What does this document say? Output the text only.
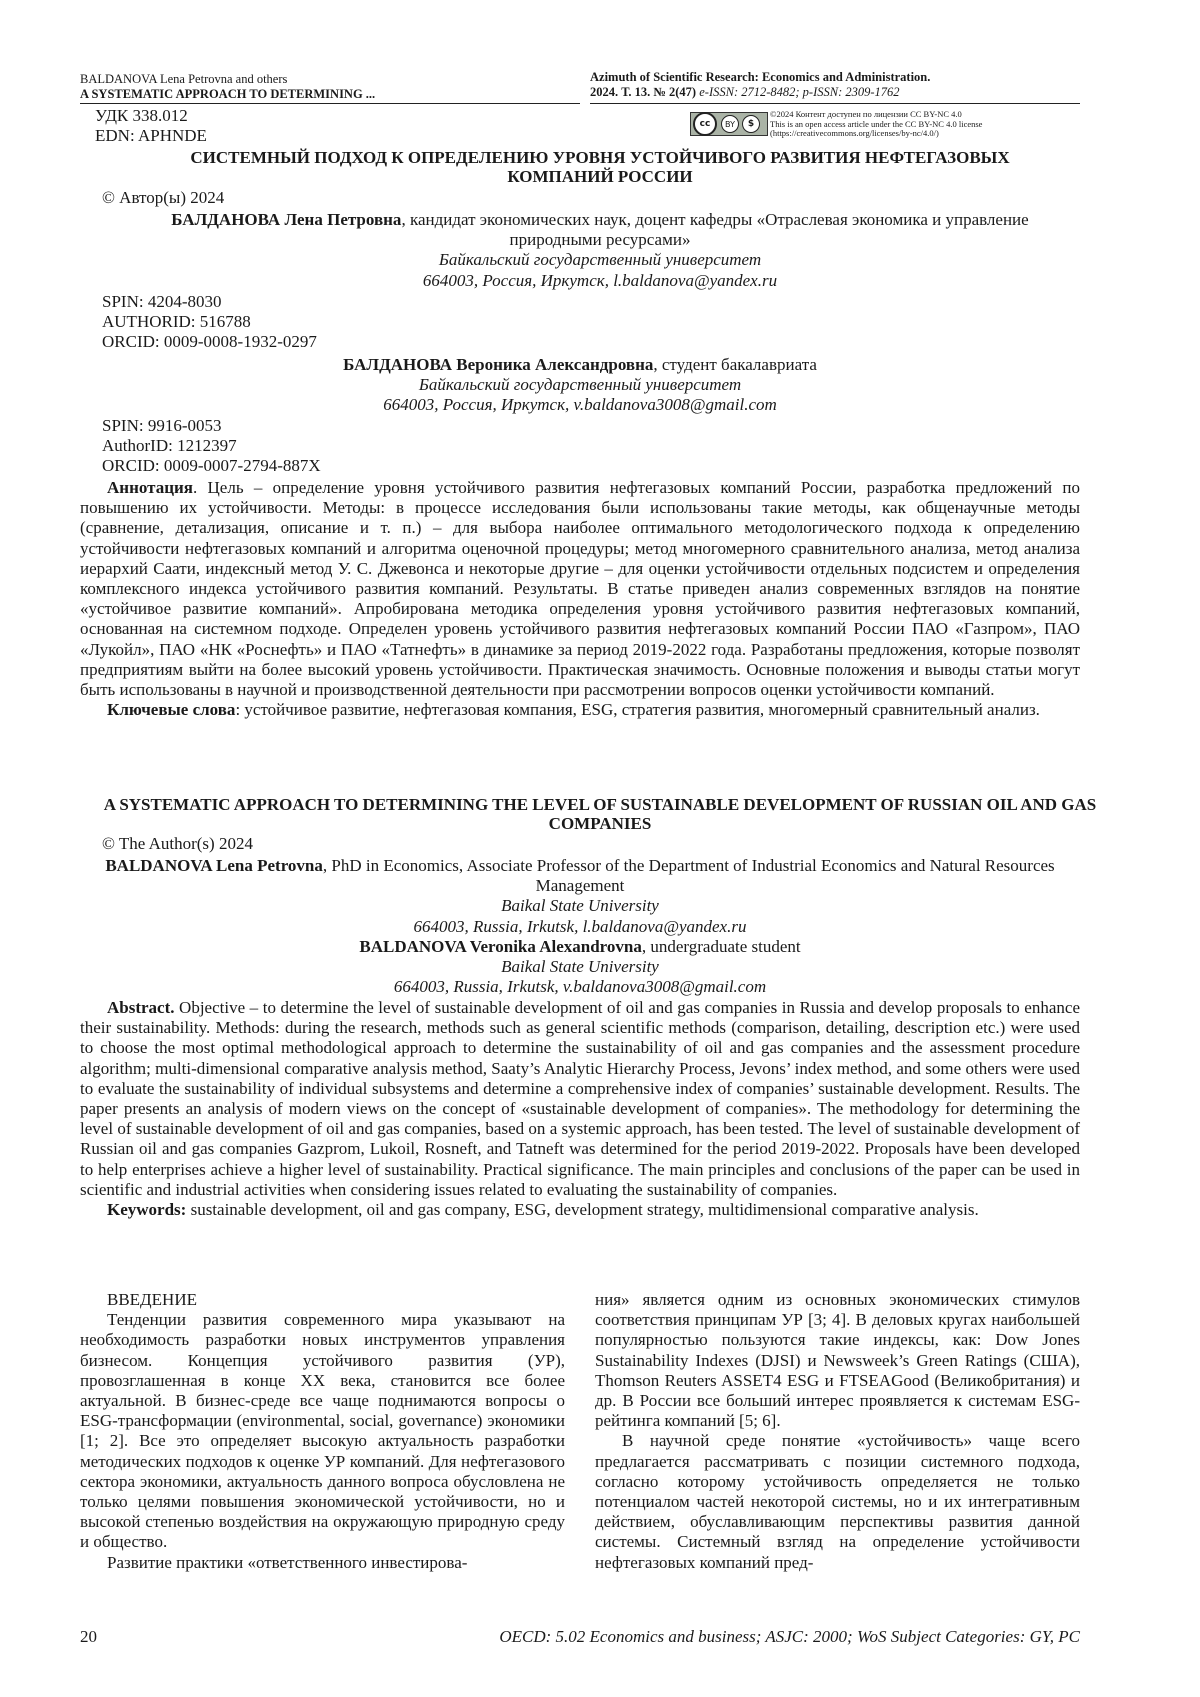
BALDANOVA Lena Petrovna and others
A SYSTEMATIC APPROACH TO DETERMINING ...
Azimuth of Scientific Research: Economics and Administration.
2024. Т. 13. № 2(47) e-ISSN: 2712-8482; p-ISSN: 2309-1762
cc	BY	$
©2024 Контент доступен по лицензии CC BY-NC 4.0
This is an open access article under the CC BY-NC 4.0 license
(https://creativecommons.org/licenses/by-nc/4.0/)
УДК 338.012
EDN: APHNDE
СИСТЕМНЫЙ ПОДХОД К ОПРЕДЕЛЕНИЮ УРОВНЯ УСТОЙЧИВОГО РАЗВИТИЯ НЕФТЕГАЗОВЫХ КОМПАНИЙ РОССИИ
© Автор(ы) 2024
БАЛДАНОВА Лена Петровна, кандидат экономических наук, доцент кафедры «Отраслевая экономика и управление природными ресурсами»
Байкальский государственный университет
664003, Россия, Иркутск, l.baldanova@yandex.ru
SPIN: 4204-8030
AUTHORID: 516788
ORCID: 0009-0008-1932-0297
БАЛДАНОВА Вероника Александровна, студент бакалавриата
Байкальский государственный университет
664003, Россия, Иркутск, v.baldanova3008@gmail.com
SPIN: 9916-0053
AuthorID: 1212397
ORCID: 0009-0007-2794-887X

Аннотация. Цель – определение уровня устойчивого развития нефтегазовых компаний России, разработка предложений по повышению их устойчивости. Методы: в процессе исследования были использованы такие методы, как общенаучные методы (сравнение, детализация, описание и т. п.) – для выбора наиболее оптимального методологического подхода к определению устойчивости нефтегазовых компаний и алгоритма оценочной процедуры; метод многомерного сравнительного анализа, метод анализа иерархий Саати, индексный метод У. С. Джевонса и некоторые другие – для оценки устойчивости отдельных подсистем и определения комплексного индекса устойчивого развития компаний. Результаты. В статье приведен анализ современных взглядов на понятие «устойчивое развитие компаний». Апробирована методика определения уровня устойчивого развития нефтегазовых компаний, основанная на системном подходе. Определен уровень устойчивого развития нефтегазовых компаний России ПАО «Газпром», ПАО «Лукойл», ПАО «НК «Роснефть» и ПАО «Татнефть» в динамике за период 2019-2022 года. Разработаны предложения, которые позволят предприятиям выйти на более высокий уровень устойчивости. Практическая значимость. Основные положения и выводы статьи могут быть использованы в научной и производственной деятельности при рассмотрении вопросов оценки устойчивости компаний.

Ключевые слова: устойчивое развитие, нефтегазовая компания, ESG, стратегия развития, многомерный сравнительный анализ.

A SYSTEMATIC APPROACH TO DETERMINING THE LEVEL OF SUSTAINABLE DEVELOPMENT OF RUSSIAN OIL AND GAS COMPANIES
© The Author(s) 2024
BALDANOVA Lena Petrovna, PhD in Economics, Associate Professor of the Department of Industrial Economics and Natural Resources Management
Baikal State University
664003, Russia, Irkutsk, l.baldanova@yandex.ru
BALDANOVA Veronika Alexandrovna, undergraduate student
Baikal State University
664003, Russia, Irkutsk, v.baldanova3008@gmail.com

Abstract. Objective – to determine the level of sustainable development of oil and gas companies in Russia and develop proposals to enhance their sustainability. Methods: during the research, methods such as general scientific methods (comparison, detailing, description etc.) were used to choose the most optimal methodological approach to determine the sustainability of oil and gas companies and the assessment procedure algorithm; multi-dimensional comparative analysis method, Saaty’s Analytic Hierarchy Process, Jevons’ index method, and some others were used to evaluate the sustainability of individual subsystems and determine a comprehensive index of companies’ sustainable development. Results. The paper presents an analysis of modern views on the concept of «sustainable development of companies». The methodology for determining the level of sustainable development of oil and gas companies, based on a systemic approach, has been tested. The level of sustainable development of Russian oil and gas companies Gazprom, Lukoil, Rosneft, and Tatneft was determined for the period 2019-2022. Proposals have been developed to help enterprises achieve a higher level of sustainability. Practical significance. The main principles and conclusions of the paper can be used in scientific and industrial activities when considering issues related to evaluating the sustainability of companies.

Keywords: sustainable development, oil and gas company, ESG, development strategy, multidimensional comparative analysis.

ВВЕДЕНИЕ

Тенденции развития современного мира указывают на необходимость разработки новых инструментов управления бизнесом. Концепция устойчивого развития (УР), провозглашенная в конце XX века, становится все более актуальной. В бизнес-среде все чаще поднимаются вопросы о ESG-трансформации (environmental, social, governance) экономики [1; 2]. Все это определяет высокую актуальность разработки методических подходов к оценке УР компаний. Для нефтегазового сектора экономики, актуальность данного вопроса обусловлена не только целями повышения экономической устойчивости, но и высокой степенью воздействия на окружающую природную среду и общество.

Развитие практики «ответственного инвестирова-

ния» является одним из основных экономических стимулов соответствия принципам УР [3; 4]. В деловых кругах наибольшей популярностью пользуются такие индексы, как: Dow Jones Sustainability Indexes (DJSI) и Newsweek’s Green Ratings (США), Thomson Reuters ASSET4 ESG и FTSEAGood (Великобритания) и др. В России все больший интерес проявляется к системам ESG-рейтинга компаний [5; 6].

В научной среде понятие «устойчивость» чаще всего предлагается рассматривать с позиции системного подхода, согласно которому устойчивость определяется не только потенциалом частей некоторой системы, но и их интегративным действием, обуславливающим перспективы развития данной системы. Системный взгляд на определение устойчивости нефтегазовых компаний пред-

20	OECD: 5.02 Economics and business; ASJC: 2000; WoS Subject Categories: GY, PC
